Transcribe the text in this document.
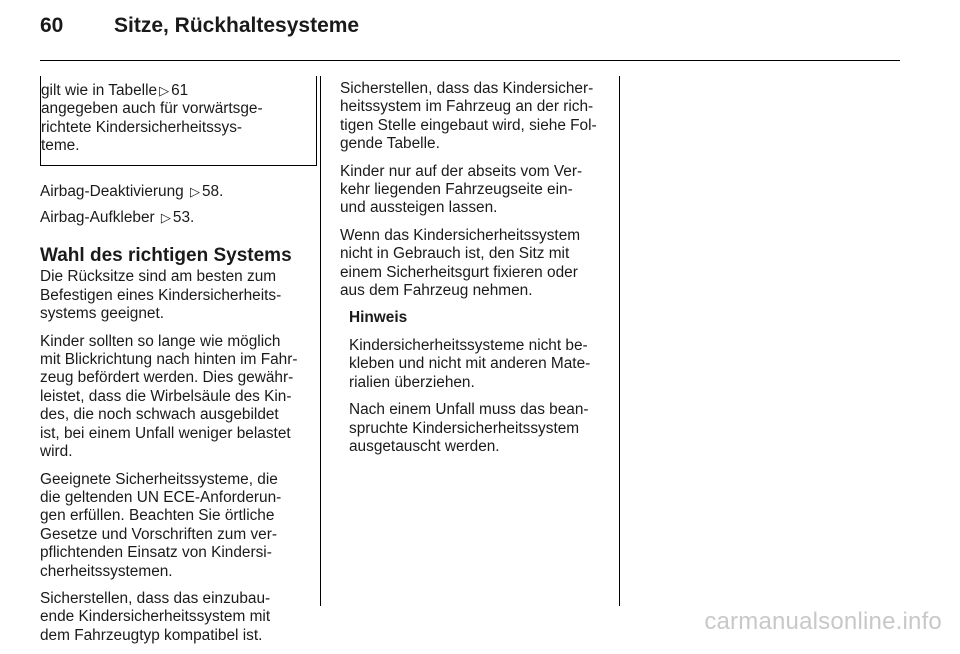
60	Sitze, Rückhaltesysteme
gilt wie in Tabelle ▷ 61
angegeben auch für vorwärtsge-
richtete Kindersicherheitssys-
teme.

Airbag-Deaktivierung ▷ 58.

Airbag-Aufkleber ▷ 53.

Wahl des richtigen Systems

Die Rücksitze sind am besten zum
Befestigen eines Kindersicherheits-
systems geeignet.

Kinder sollten so lange wie möglich
mit Blickrichtung nach hinten im Fahr-
zeug befördert werden. Dies gewähr-
leistet, dass die Wirbelsäule des Kin-
des, die noch schwach ausgebildet
ist, bei einem Unfall weniger belastet
wird.

Geeignete Sicherheitssysteme, die
die geltenden UN ECE-Anforderun-
gen erfüllen. Beachten Sie örtliche
Gesetze und Vorschriften zum ver-
pflichtenden Einsatz von Kindersi-
cherheitssystemen.

Sicherstellen, dass das einzubau-
ende Kindersicherheitssystem mit
dem Fahrzeugtyp kompatibel ist.

Sicherstellen, dass das Kindersicher-
heitssystem im Fahrzeug an der rich-
tigen Stelle eingebaut wird, siehe Fol-
gende Tabelle.

Kinder nur auf der abseits vom Ver-
kehr liegenden Fahrzeugseite ein-
und aussteigen lassen.

Wenn das Kindersicherheitssystem
nicht in Gebrauch ist, den Sitz mit
einem Sicherheitsgurt fixieren oder
aus dem Fahrzeug nehmen.

Hinweis

Kindersicherheitssysteme nicht be-
kleben und nicht mit anderen Mate-
rialien überziehen.

Nach einem Unfall muss das bean-
spruchte Kindersicherheitssystem
ausgetauscht werden.

carmanualsonline.info
